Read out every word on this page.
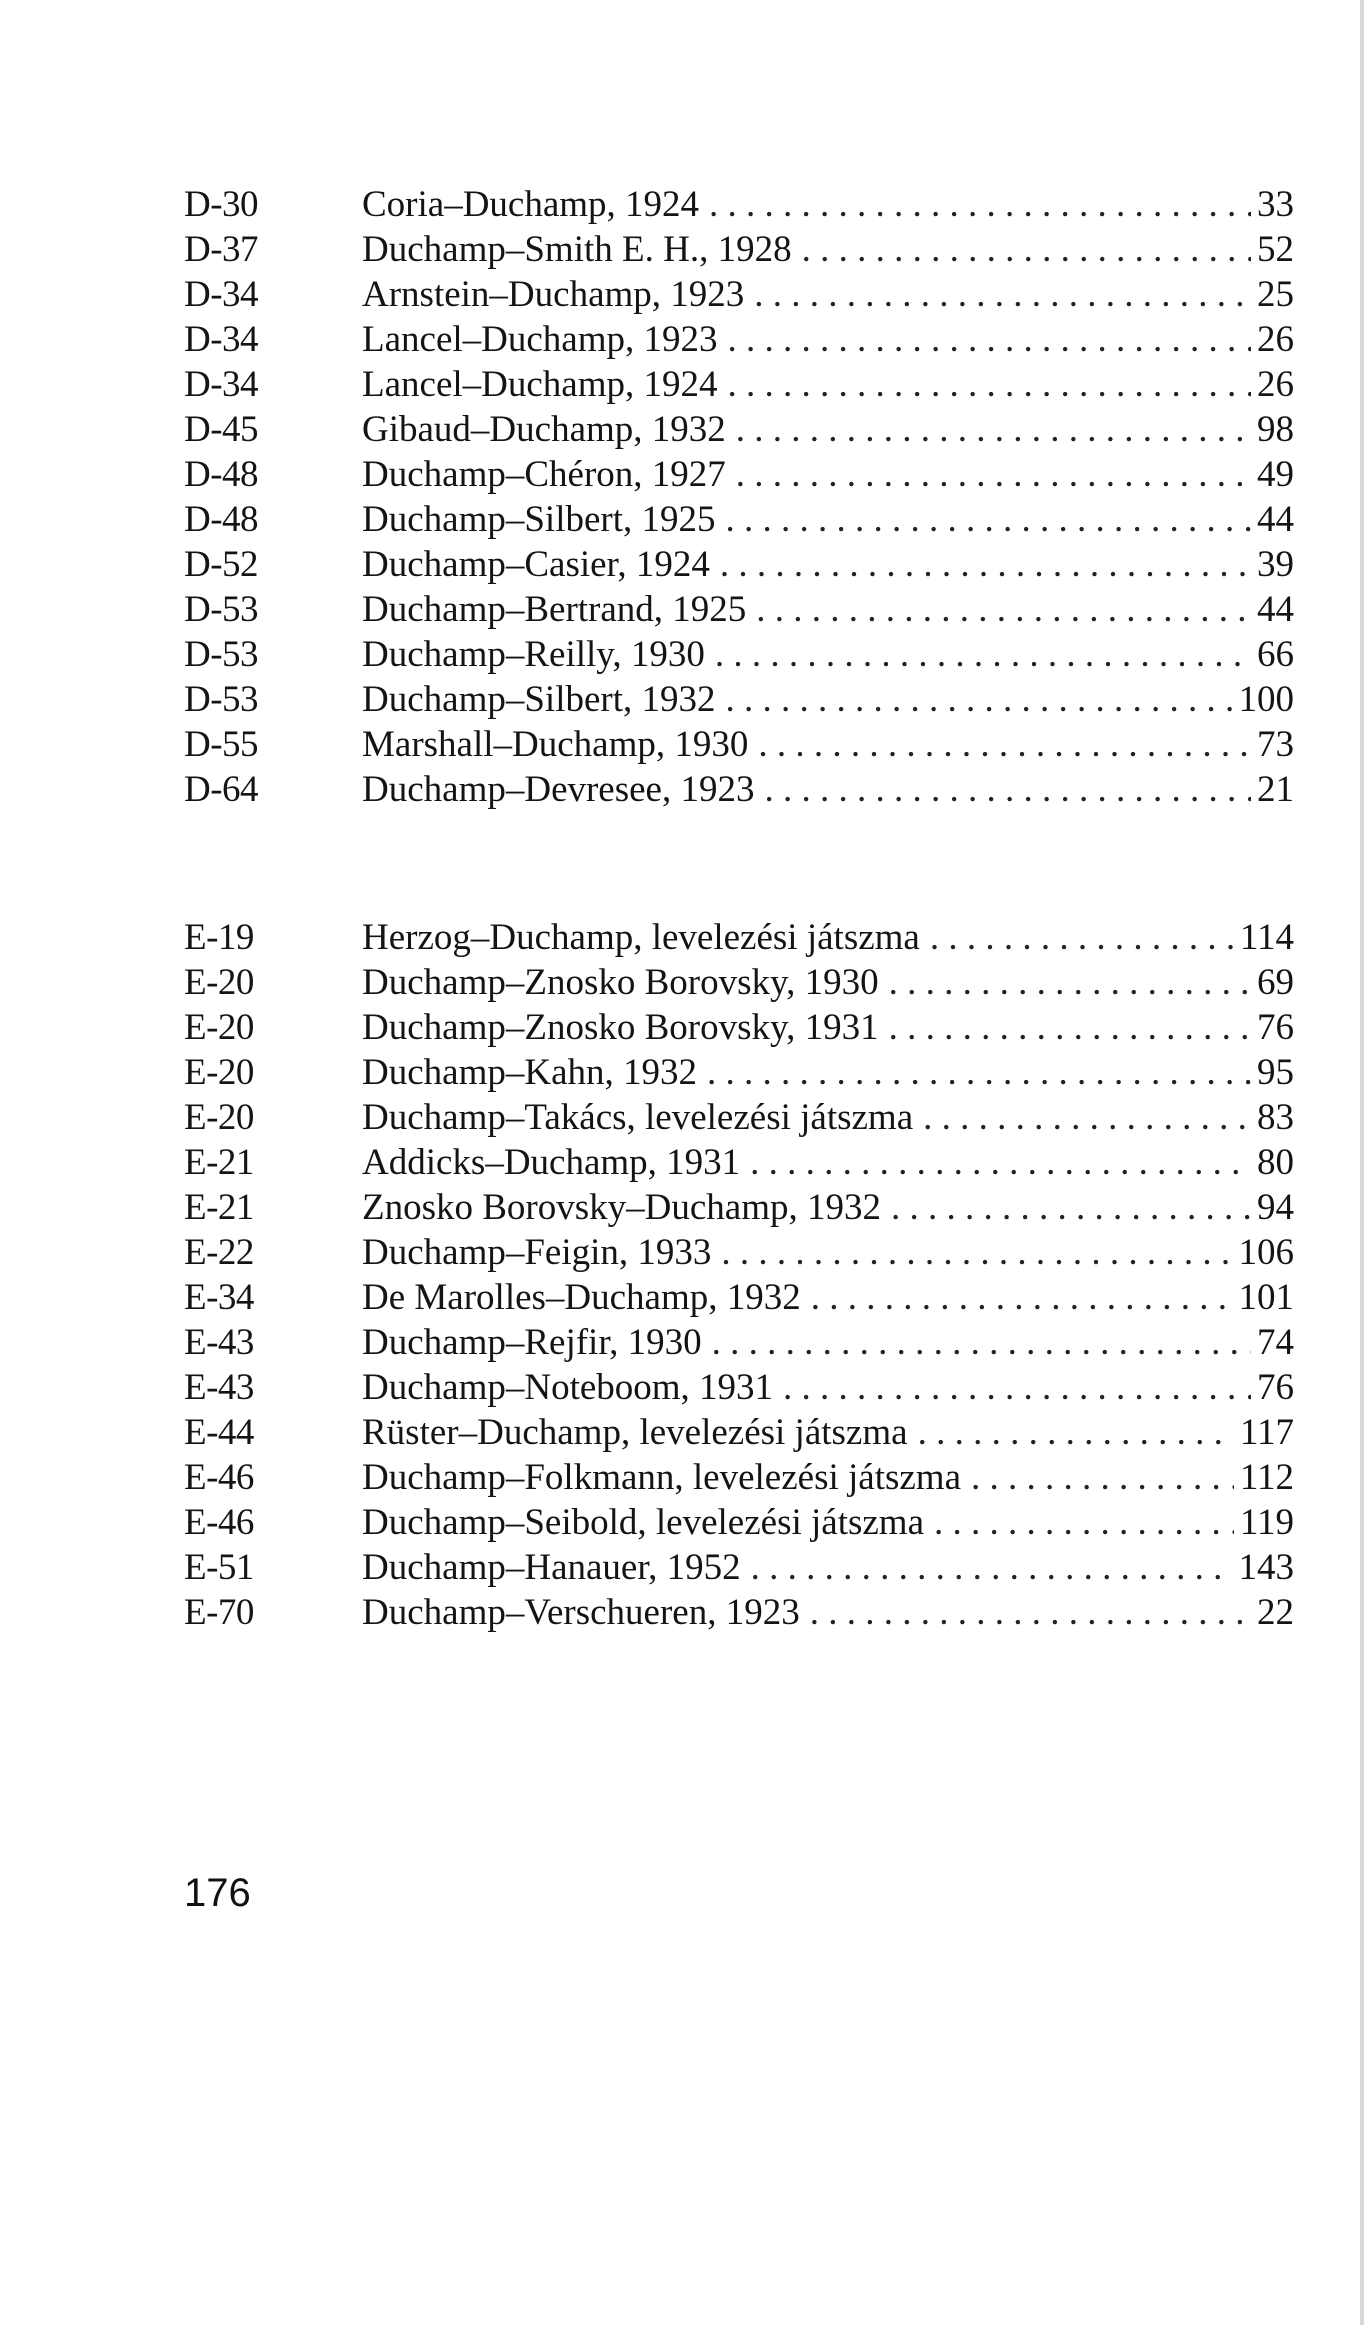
D-30	Coria–Duchamp, 1924 . . .	33
D-37	Duchamp–Smith E. H., 1928 . . .	52
D-34	Arnstein–Duchamp, 1923 . . .	25
D-34	Lancel–Duchamp, 1923 . . .	26
D-34	Lancel–Duchamp, 1924 . . .	26
D-45	Gibaud–Duchamp, 1932 . . .	98
D-48	Duchamp–Chéron, 1927 . . .	49
D-48	Duchamp–Silbert, 1925 . . .	44
D-52	Duchamp–Casier, 1924 . . .	39
D-53	Duchamp–Bertrand, 1925 . . .	44
D-53	Duchamp–Reilly, 1930 . . .	66
D-53	Duchamp–Silbert, 1932 . . .	100
D-55	Marshall–Duchamp, 1930 . . .	73
D-64	Duchamp–Devresee, 1923 . . .	21
E-19	Herzog–Duchamp, levelezési játszma . . .	114
E-20	Duchamp–Znosko Borovsky, 1930 . . .	69
E-20	Duchamp–Znosko Borovsky, 1931 . . .	76
E-20	Duchamp–Kahn, 1932 . . .	95
E-20	Duchamp–Takács, levelezési játszma . . .	83
E-21	Addicks–Duchamp, 1931 . . .	80
E-21	Znosko Borovsky–Duchamp, 1932 . . .	94
E-22	Duchamp–Feigin, 1933 . . .	106
E-34	De Marolles–Duchamp, 1932 . . .	101
E-43	Duchamp–Rejfir, 1930 . . .	74
E-43	Duchamp–Noteboom, 1931 . . .	76
E-44	Rüster–Duchamp, levelezési játszma . . .	117
E-46	Duchamp–Folkmann, levelezési játszma . . .	112
E-46	Duchamp–Seibold, levelezési játszma . . .	119
E-51	Duchamp–Hanauer, 1952 . . .	143
E-70	Duchamp–Verschueren, 1923 . . .	22
176
